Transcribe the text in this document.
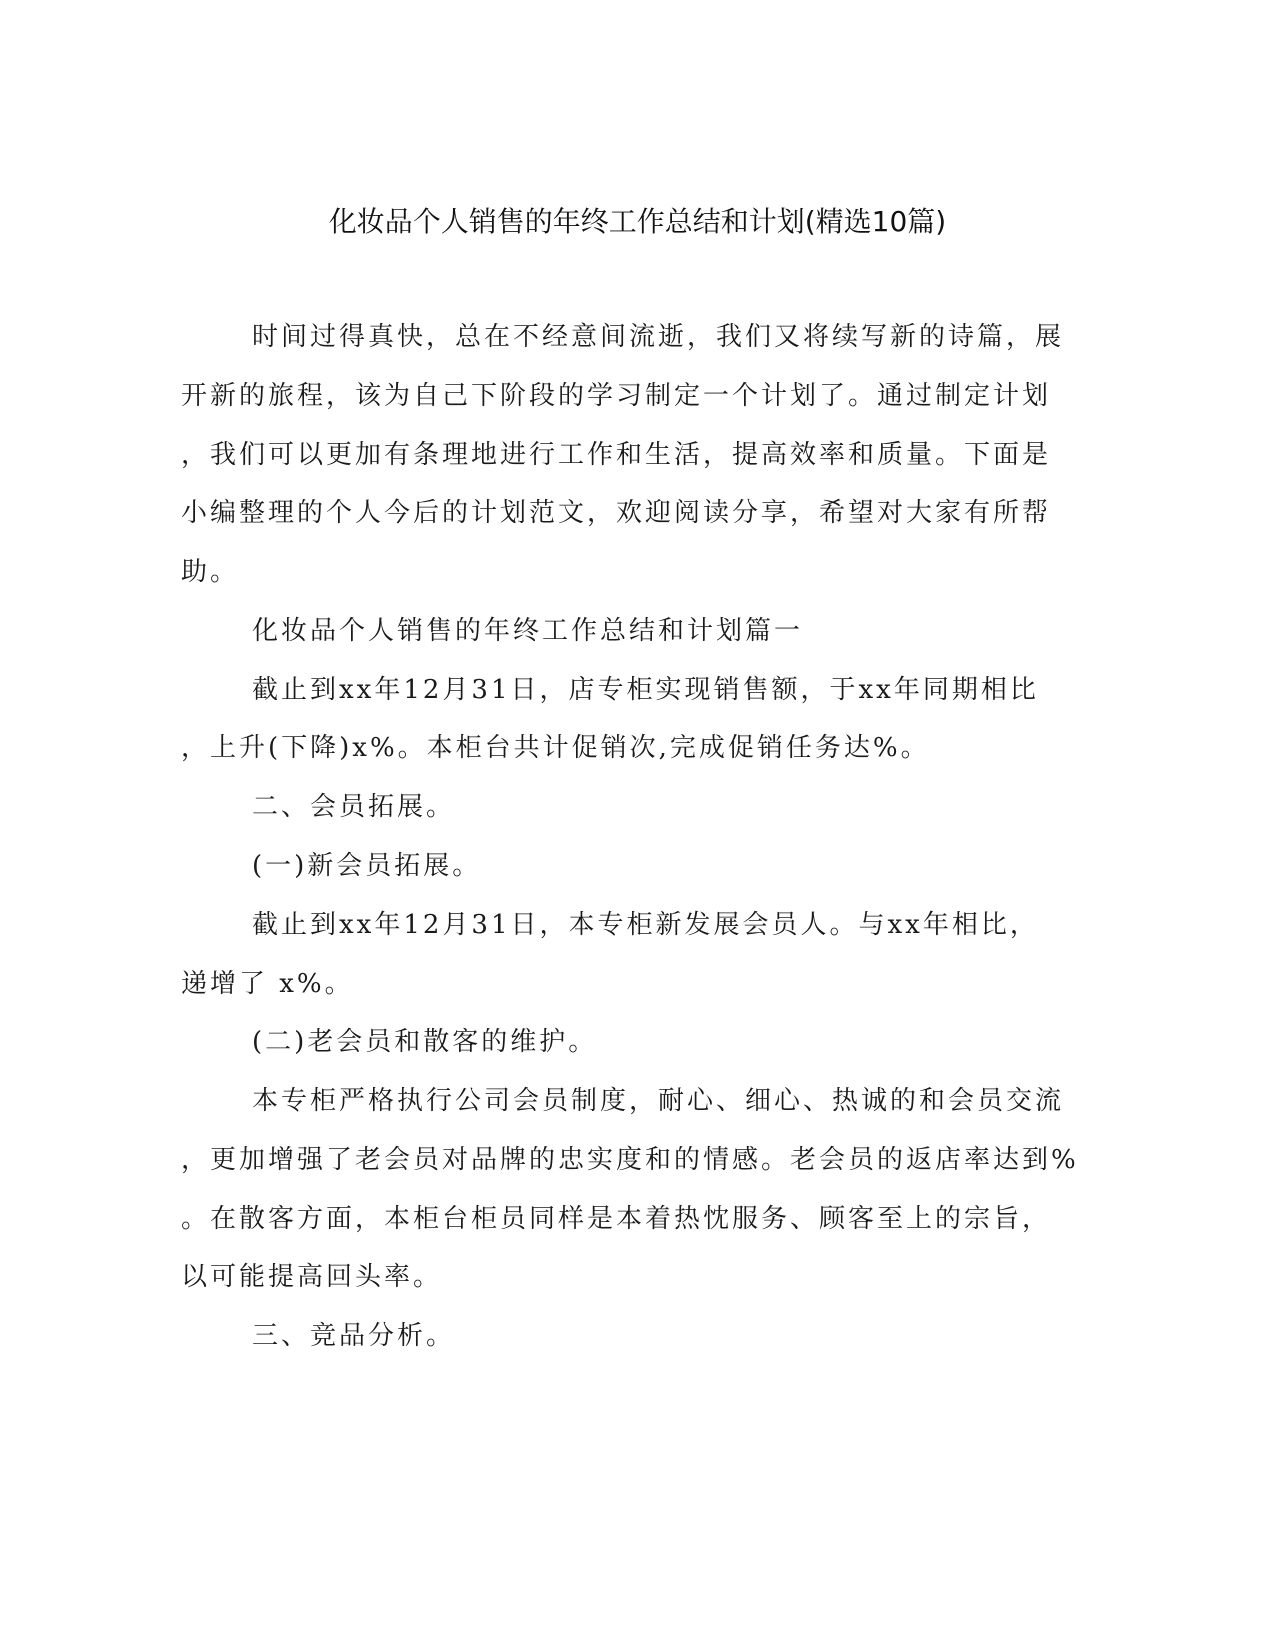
化妆品个人销售的年终工作总结和计划(精选10篇)

时间过得真快，总在不经意间流逝，我们又将续写新的诗篇，展

开新的旅程，该为自己下阶段的学习制定一个计划了。通过制定计划

，我们可以更加有条理地进行工作和生活，提高效率和质量。下面是

小编整理的个人今后的计划范文，欢迎阅读分享，希望对大家有所帮

助。

化妆品个人销售的年终工作总结和计划篇一

截止到xx年12月31日，店专柜实现销售额，于xx年同期相比

，上升(下降)x%。本柜台共计促销次,完成促销任务达%。

二、会员拓展。

(一)新会员拓展。

截止到xx年12月31日，本专柜新发展会员人。与xx年相比，

递增了 x%。

(二)老会员和散客的维护。

本专柜严格执行公司会员制度，耐心、细心、热诚的和会员交流

，更加增强了老会员对品牌的忠实度和的情感。老会员的返店率达到%

。在散客方面，本柜台柜员同样是本着热忱服务、顾客至上的宗旨，

以可能提高回头率。

三、竞品分析。
